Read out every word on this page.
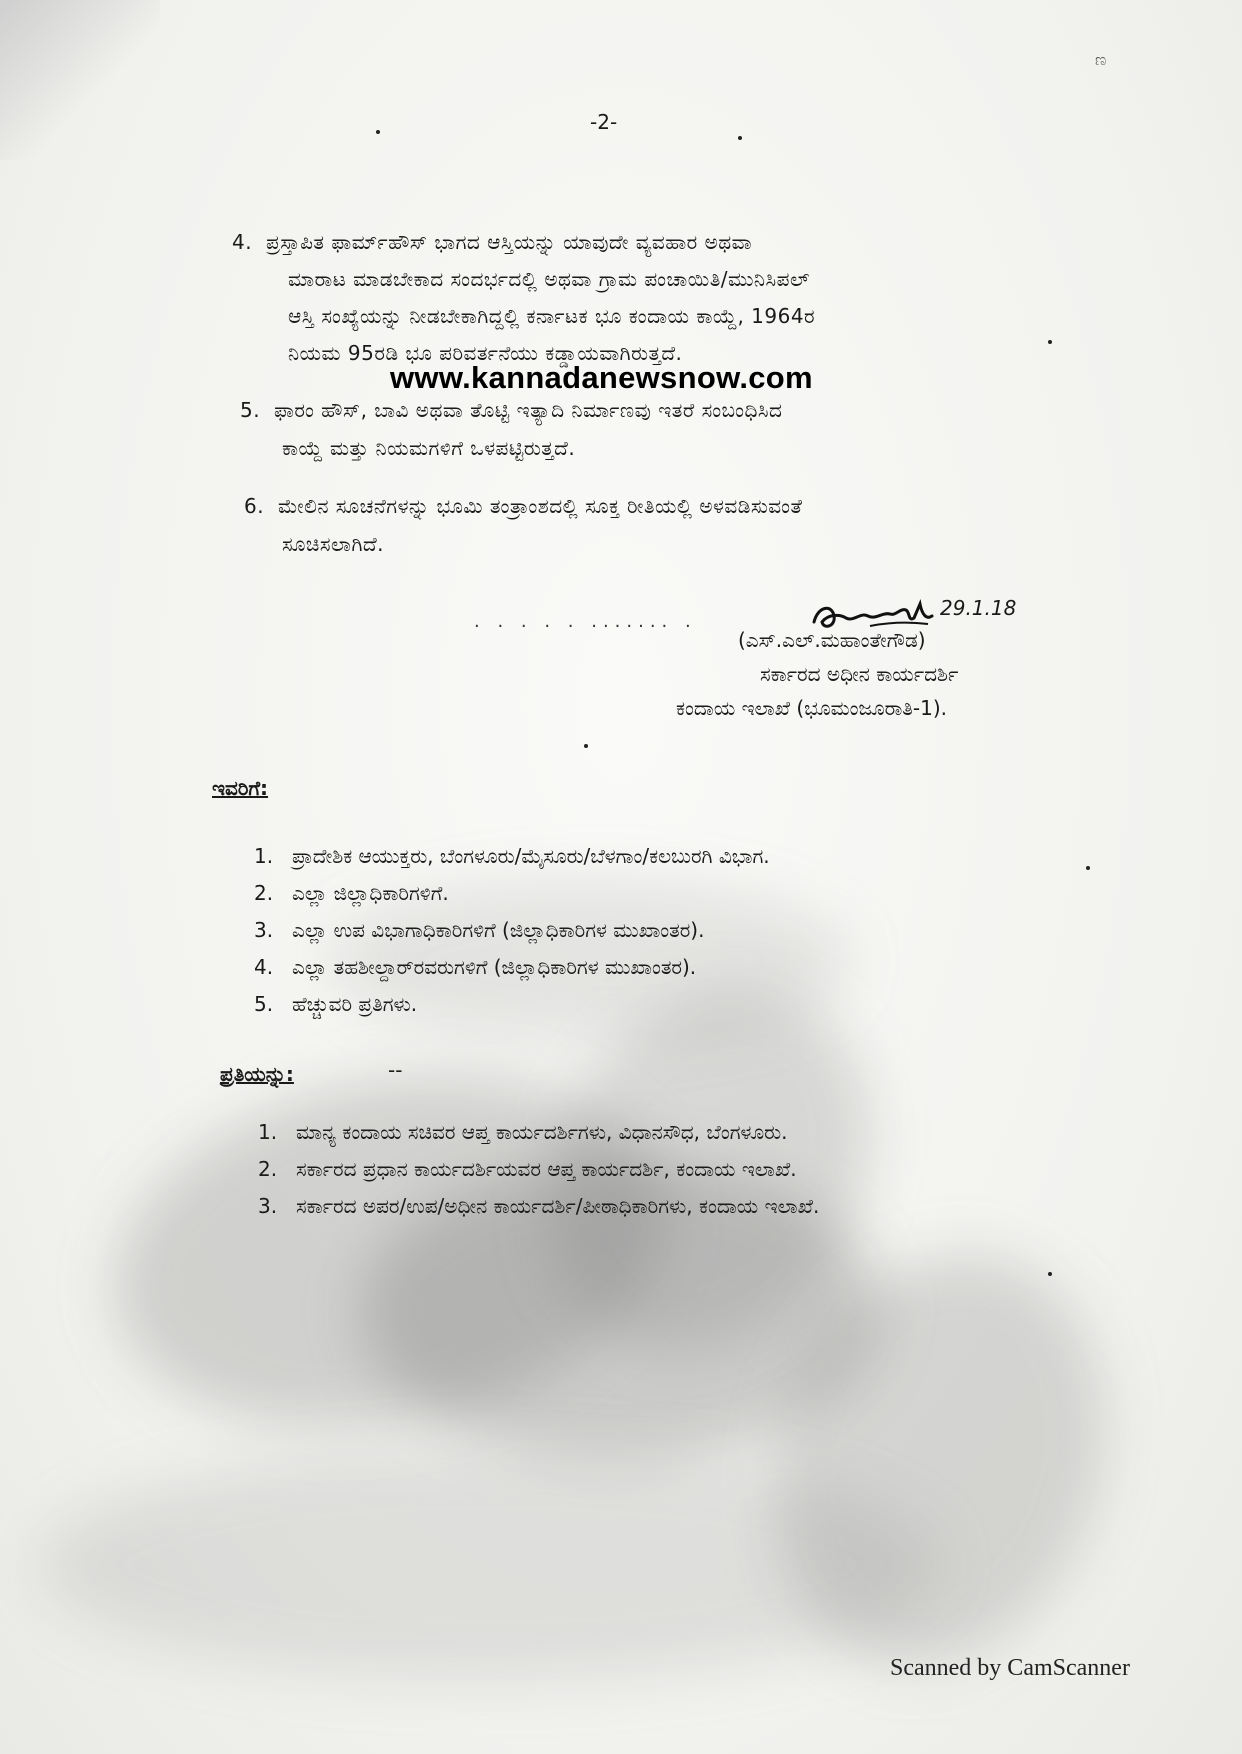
ಣ
-2-
4. ಪ್ರಸ್ತಾಪಿತ ಫಾರ್ಮ್‌ಹೌಸ್ ಭಾಗದ ಆಸ್ತಿಯನ್ನು ಯಾವುದೇ ವ್ಯವಹಾರ ಅಥವಾ
ಮಾರಾಟ ಮಾಡಬೇಕಾದ ಸಂದರ್ಭದಲ್ಲಿ ಅಥವಾ ಗ್ರಾಮ ಪಂಚಾಯಿತಿ/ಮುನಿಸಿಪಲ್
ಆಸ್ತಿ ಸಂಖ್ಯೆಯನ್ನು ನೀಡಬೇಕಾಗಿದ್ದಲ್ಲಿ ಕರ್ನಾಟಕ ಭೂ ಕಂದಾಯ ಕಾಯ್ದೆ, 1964ರ
ನಿಯಮ 95ರಡಿ ಭೂ ಪರಿವರ್ತನೆಯು ಕಡ್ಡಾಯವಾಗಿರುತ್ತದೆ.
www.kannadanewsnow.com
5. ಫಾರಂ ಹೌಸ್, ಬಾವಿ ಅಥವಾ ತೊಟ್ಟಿ ಇತ್ಯಾದಿ ನಿರ್ಮಾಣವು ಇತರೆ ಸಂಬಂಧಿಸಿದ
ಕಾಯ್ದೆ ಮತ್ತು ನಿಯಮಗಳಿಗೆ ಒಳಪಟ್ಟಿರುತ್ತದೆ.
6. ಮೇಲಿನ ಸೂಚನೆಗಳನ್ನು ಭೂಮಿ ತಂತ್ರಾಂಶದಲ್ಲಿ ಸೂಕ್ತ ರೀತಿಯಲ್ಲಿ ಅಳವಡಿಸುವಂತೆ
ಸೂಚಿಸಲಾಗಿದೆ.
. . . . . ....... .
29.1.18
(ಎಸ್.ಎಲ್.ಮಹಾಂತೇಗೌಡ)
ಸರ್ಕಾರದ ಅಧೀನ ಕಾರ್ಯದರ್ಶಿ
ಕಂದಾಯ ಇಲಾಖೆ (ಭೂಮಂಜೂರಾತಿ-1).
ಇವರಿಗೆ:
1. ಪ್ರಾದೇಶಿಕ ಆಯುಕ್ತರು, ಬೆಂಗಳೂರು/ಮೈಸೂರು/ಬೆಳಗಾಂ/ಕಲಬುರಗಿ ವಿಭಾಗ.
2. ಎಲ್ಲಾ ಜಿಲ್ಲಾಧಿಕಾರಿಗಳಿಗೆ.
3. ಎಲ್ಲಾ ಉಪ ವಿಭಾಗಾಧಿಕಾರಿಗಳಿಗೆ (ಜಿಲ್ಲಾಧಿಕಾರಿಗಳ ಮುಖಾಂತರ).
4. ಎಲ್ಲಾ ತಹಶೀಲ್ದಾರ್‌ರವರುಗಳಿಗೆ (ಜಿಲ್ಲಾಧಿಕಾರಿಗಳ ಮುಖಾಂತರ).
5. ಹೆಚ್ಚುವರಿ ಪ್ರತಿಗಳು.
ಪ್ರತಿಯನ್ನು:	--
1. ಮಾನ್ಯ ಕಂದಾಯ ಸಚಿವರ ಆಪ್ತ ಕಾರ್ಯದರ್ಶಿಗಳು, ವಿಧಾನಸೌಧ, ಬೆಂಗಳೂರು.
2. ಸರ್ಕಾರದ ಪ್ರಧಾನ ಕಾರ್ಯದರ್ಶಿಯವರ ಆಪ್ತ ಕಾರ್ಯದರ್ಶಿ, ಕಂದಾಯ ಇಲಾಖೆ.
3. ಸರ್ಕಾರದ ಅಪರ/ಉಪ/ಅಧೀನ ಕಾರ್ಯದರ್ಶಿ/ಪೀಠಾಧಿಕಾರಿಗಳು, ಕಂದಾಯ ಇಲಾಖೆ.
Scanned by CamScanner
